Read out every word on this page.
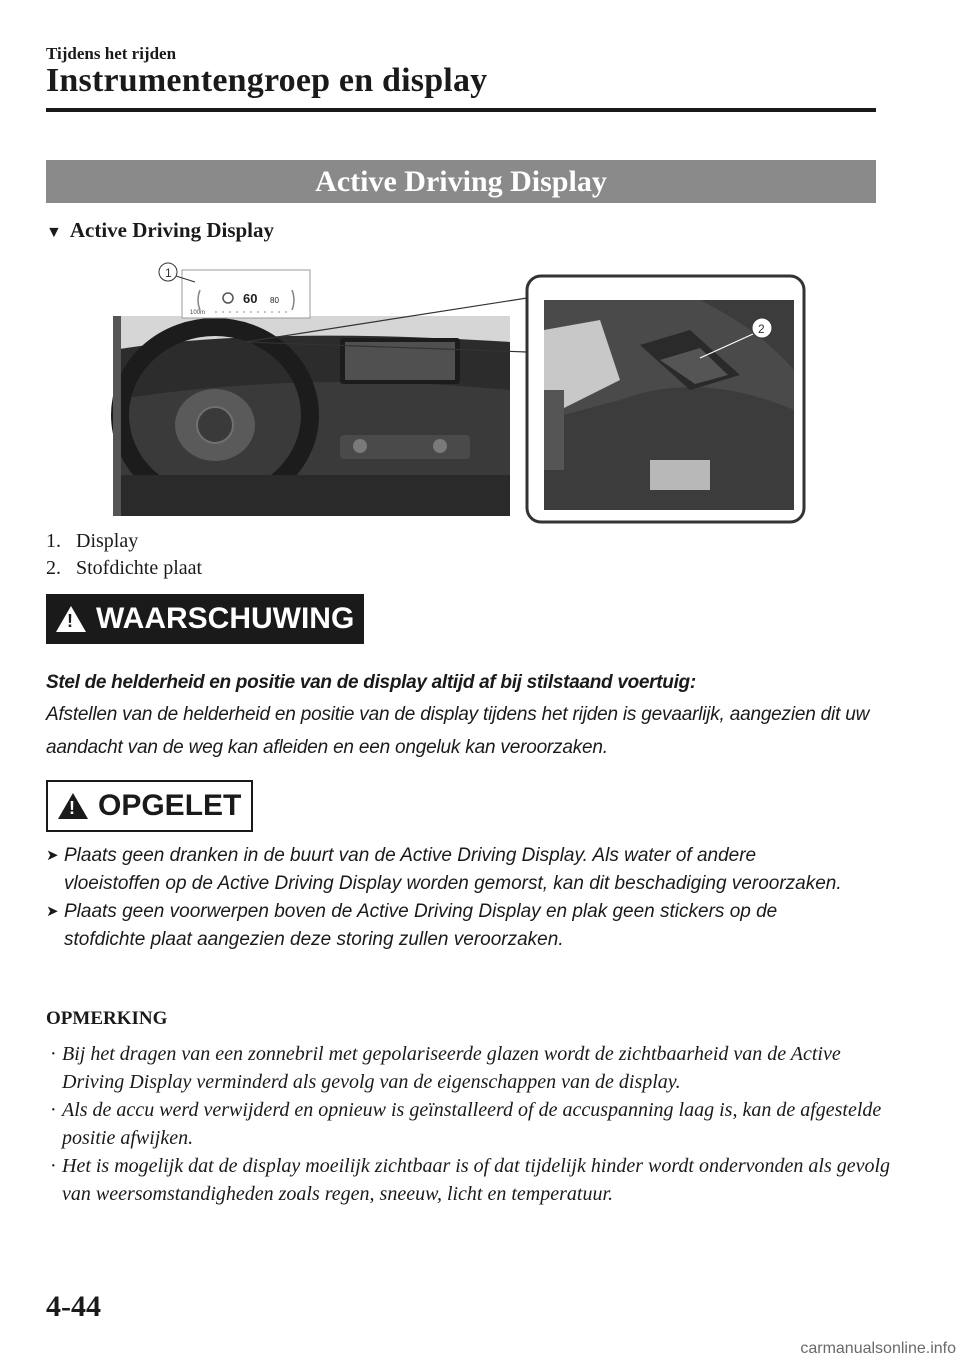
Tijdens het rijden
Instrumentengroep en display
Active Driving Display
▼ Active Driving Display
60 80
100m
1
2
1. Display
2. Stofdichte plaat
!
WAARSCHUWING
Stel de helderheid en positie van de display altijd af bij stilstaand voertuig:
Afstellen van de helderheid en positie van de display tijdens het rijden is gevaarlijk, aangezien dit uw aandacht van de weg kan afleiden en een ongeluk kan veroorzaken.
!
OPGELET
➤ Plaats geen dranken in de buurt van de Active Driving Display. Als water of andere vloeistoffen op de Active Driving Display worden gemorst, kan dit beschadiging veroorzaken.
➤ Plaats geen voorwerpen boven de Active Driving Display en plak geen stickers op de stofdichte plaat aangezien deze storing zullen veroorzaken.
OPMERKING
· Bij het dragen van een zonnebril met gepolariseerde glazen wordt de zichtbaarheid van de Active Driving Display verminderd als gevolg van de eigenschappen van de display.
· Als de accu werd verwijderd en opnieuw is geïnstalleerd of de accuspanning laag is, kan de afgestelde positie afwijken.
· Het is mogelijk dat de display moeilijk zichtbaar is of dat tijdelijk hinder wordt ondervonden als gevolg van weersomstandigheden zoals regen, sneeuw, licht en temperatuur.
4-44
carmanualsonline.info
